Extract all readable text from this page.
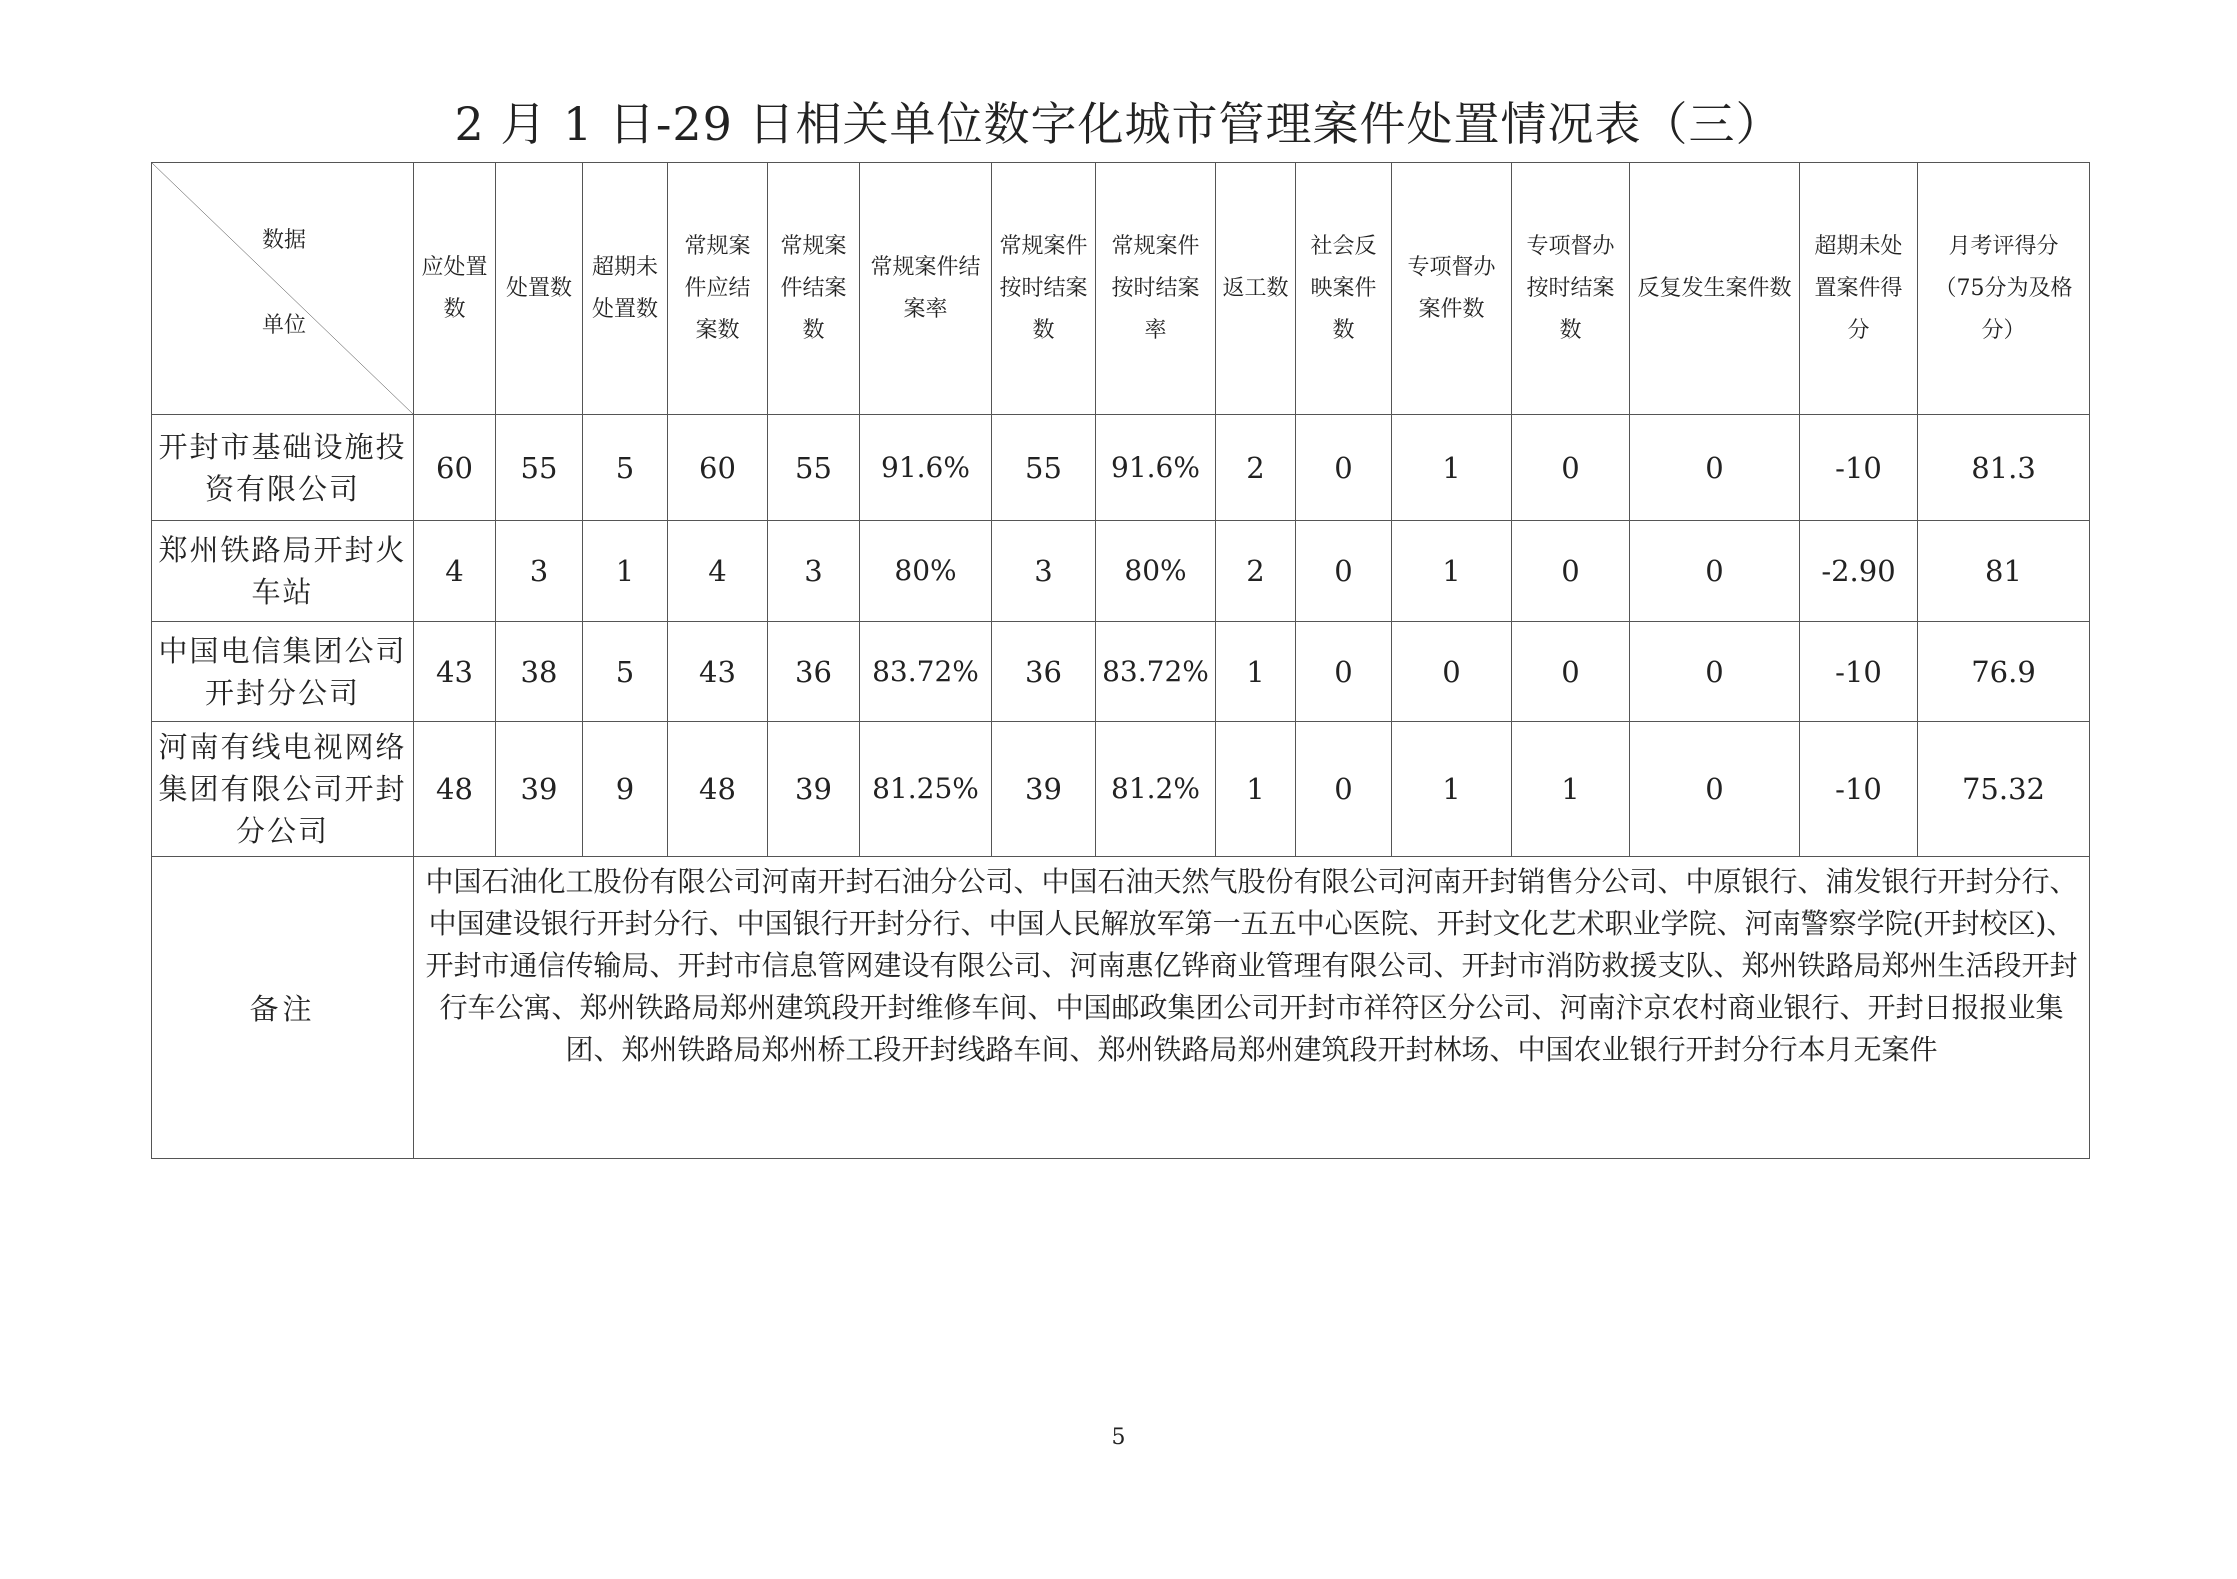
2 月 1 日-29 日相关单位数字化城市管理案件处置情况表（三）
数据
单位	应处置数	处置数	超期未处置数	常规案件应结案数	常规案件结案数	常规案件结案率	常规案件按时结案数	常规案件按时结案率	返工数	社会反映案件数	专项督办案件数	专项督办按时结案数	反复发生案件数	超期未处置案件得分	月考评得分（75分为及格分）
开封市基础设施投资有限公司	60	55	5	60	55	91.6%	55	91.6%	2	0	1	0	0	-10	81.3
郑州铁路局开封火车站	4	3	1	4	3	80%	3	80%	2	0	1	0	0	-2.90	81
中国电信集团公司开封分公司	43	38	5	43	36	83.72%	36	83.72%	1	0	0	0	0	-10	76.9
河南有线电视网络集团有限公司开封分公司	48	39	9	48	39	81.25%	39	81.2%	1	0	1	1	0	-10	75.32
备注	中国石油化工股份有限公司河南开封石油分公司、中国石油天然气股份有限公司河南开封销售分公司、中原银行、浦发银行开封分行、中国建设银行开封分行、中国银行开封分行、中国人民解放军第一五五中心医院、开封文化艺术职业学院、河南警察学院(开封校区)、开封市通信传输局、开封市信息管网建设有限公司、河南惠亿铧商业管理有限公司、开封市消防救援支队、郑州铁路局郑州生活段开封行车公寓、郑州铁路局郑州建筑段开封维修车间、中国邮政集团公司开封市祥符区分公司、河南汴京农村商业银行、开封日报报业集团、郑州铁路局郑州桥工段开封线路车间、郑州铁路局郑州建筑段开封林场、中国农业银行开封分行本月无案件														
5
